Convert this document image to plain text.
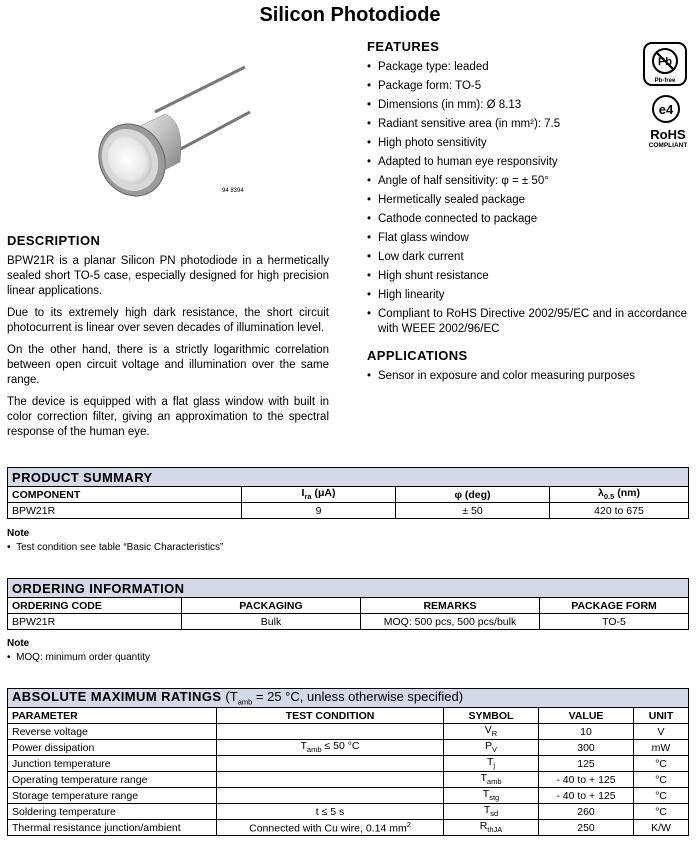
Silicon Photodiode
94 8394
DESCRIPTION

BPW21R is a planar Silicon PN photodiode in a hermetically sealed short TO-5 case, especially designed for high precision linear applications.

Due to its extremely high dark resistance, the short circuit photocurrent is linear over seven decades of illumination level.

On the other hand, there is a strictly logarithmic correlation between open circuit voltage and illumination over the same range.

The device is equipped with a flat glass window with built in color correction filter, giving an approximation to the spectral response of the human eye.

FEATURES
• Package type: leaded
• Package form: TO-5
• Dimensions (in mm): Ø 8.13
• Radiant sensitive area (in mm²): 7.5
• High photo sensitivity
• Adapted to human eye responsivity
• Angle of half sensitivity: φ = ± 50°
• Hermetically sealed package
• Cathode connected to package
• Flat glass window
• Low dark current
• High shunt resistance
• High linearity
• Compliant to RoHS Directive 2002/95/EC and in accordance with WEEE 2002/96/EC
APPLICATIONS
• Sensor in exposure and color measuring purposes
Pb
Pb-free
e4
RoHS
COMPLIANT
PRODUCT SUMMARY			
COMPONENT	$I_{ra}$ (μA)	φ (deg)	$\lambda_{0.5}$ (nm)
BPW21R	9	± 50	420 to 675
Note
•  Test condition see table “Basic Characteristics”
ORDERING INFORMATION			
ORDERING CODE	PACKAGING	REMARKS	PACKAGE FORM
BPW21R	Bulk	MOQ: 500 pcs, 500 pcs/bulk	TO-5
Note
•  MOQ: minimum order quantity
ABSOLUTE MAXIMUM RATINGS ($T_{amb} = 25$ °C, unless otherwise specified)				
PARAMETER	TEST CONDITION	SYMBOL	VALUE	UNIT
Reverse voltage		$V_R$	10	V
Power dissipation	$T_{amb} \le 50$ °C	$P_V$	300	mW
Junction temperature		$T_j$	125	°C
Operating temperature range		$T_{amb}$	- 40 to + 125	°C
Storage temperature range		$T_{stg}$	- 40 to + 125	°C
Soldering temperature	t ≤ 5 s	$T_{sd}$	260	°C
Thermal resistance junction/ambient	Connected with Cu wire, 0.14 $mm^2$	$R_{thJA}$	250	K/W
